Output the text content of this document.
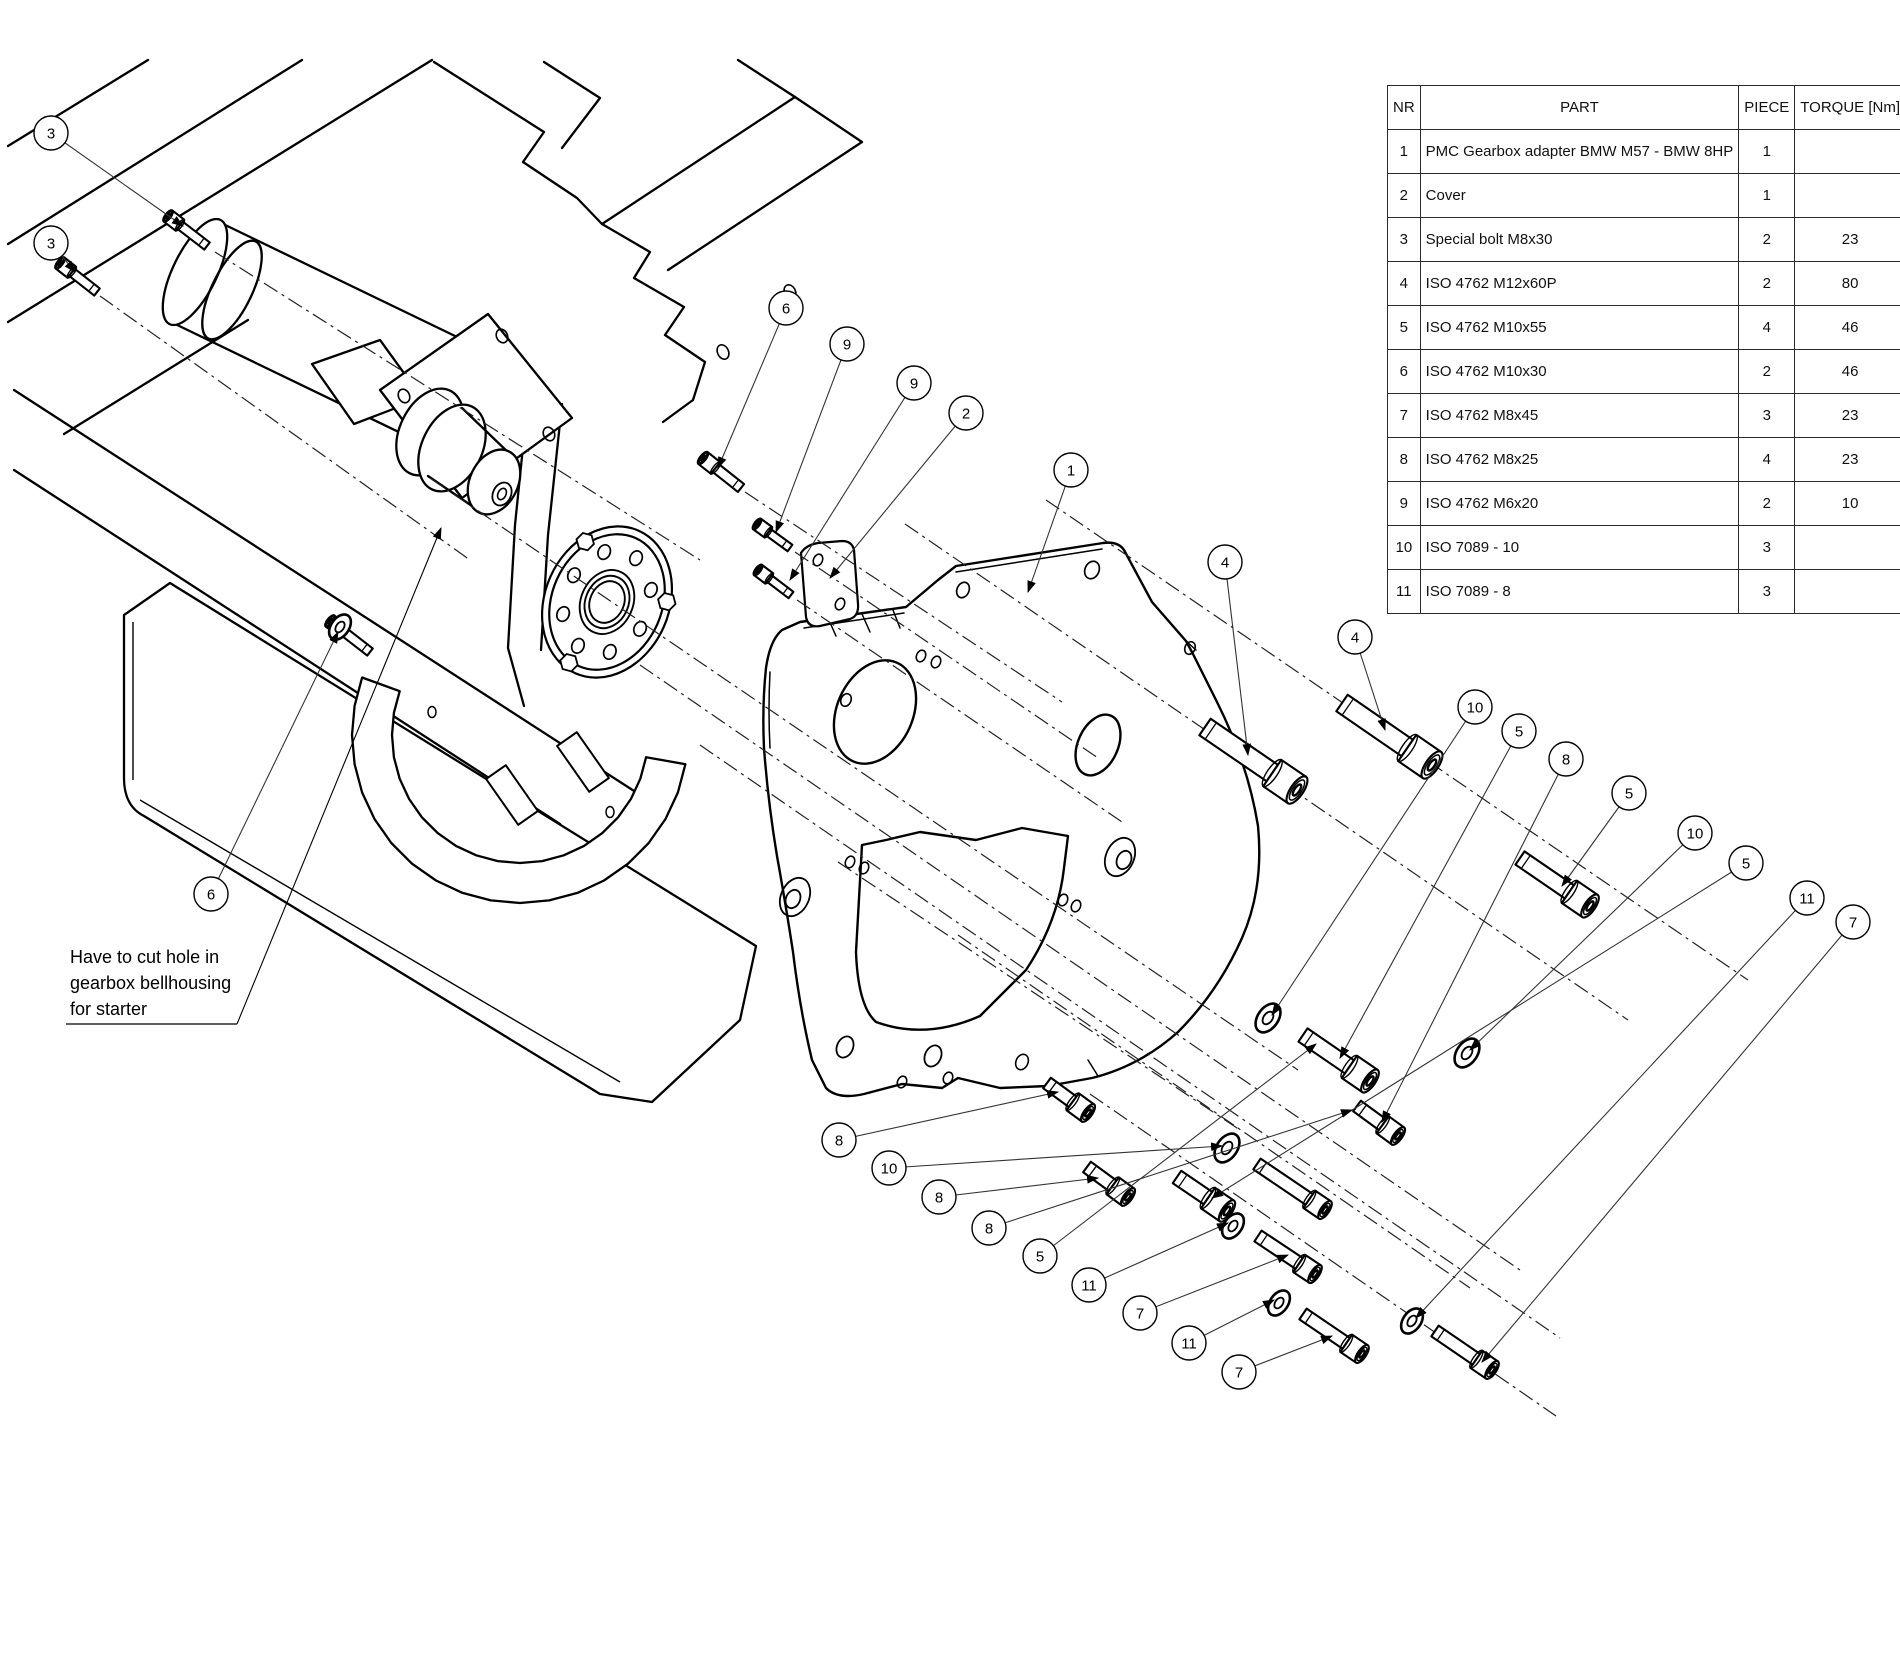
3
3
6
9
9
2
1
4
4
10
5
8
5
10
5
11
7
6
8
10
8
8
5
11
7
11
7
NR	PART	PIECE	TORQUE [Nm]
1	PMC Gearbox adapter BMW M57 - BMW 8HP	1	
2	Cover	1	
3	Special bolt M8x30	2	23
4	ISO 4762 M12x60P	2	80
5	ISO 4762 M10x55	4	46
6	ISO 4762 M10x30	2	46
7	ISO 4762 M8x45	3	23
8	ISO 4762 M8x25	4	23
9	ISO 4762 M6x20	2	10
10	ISO 7089 - 10	3	
11	ISO 7089 - 8	3	
Have to cut hole in
gearbox bellhousing
for starter
